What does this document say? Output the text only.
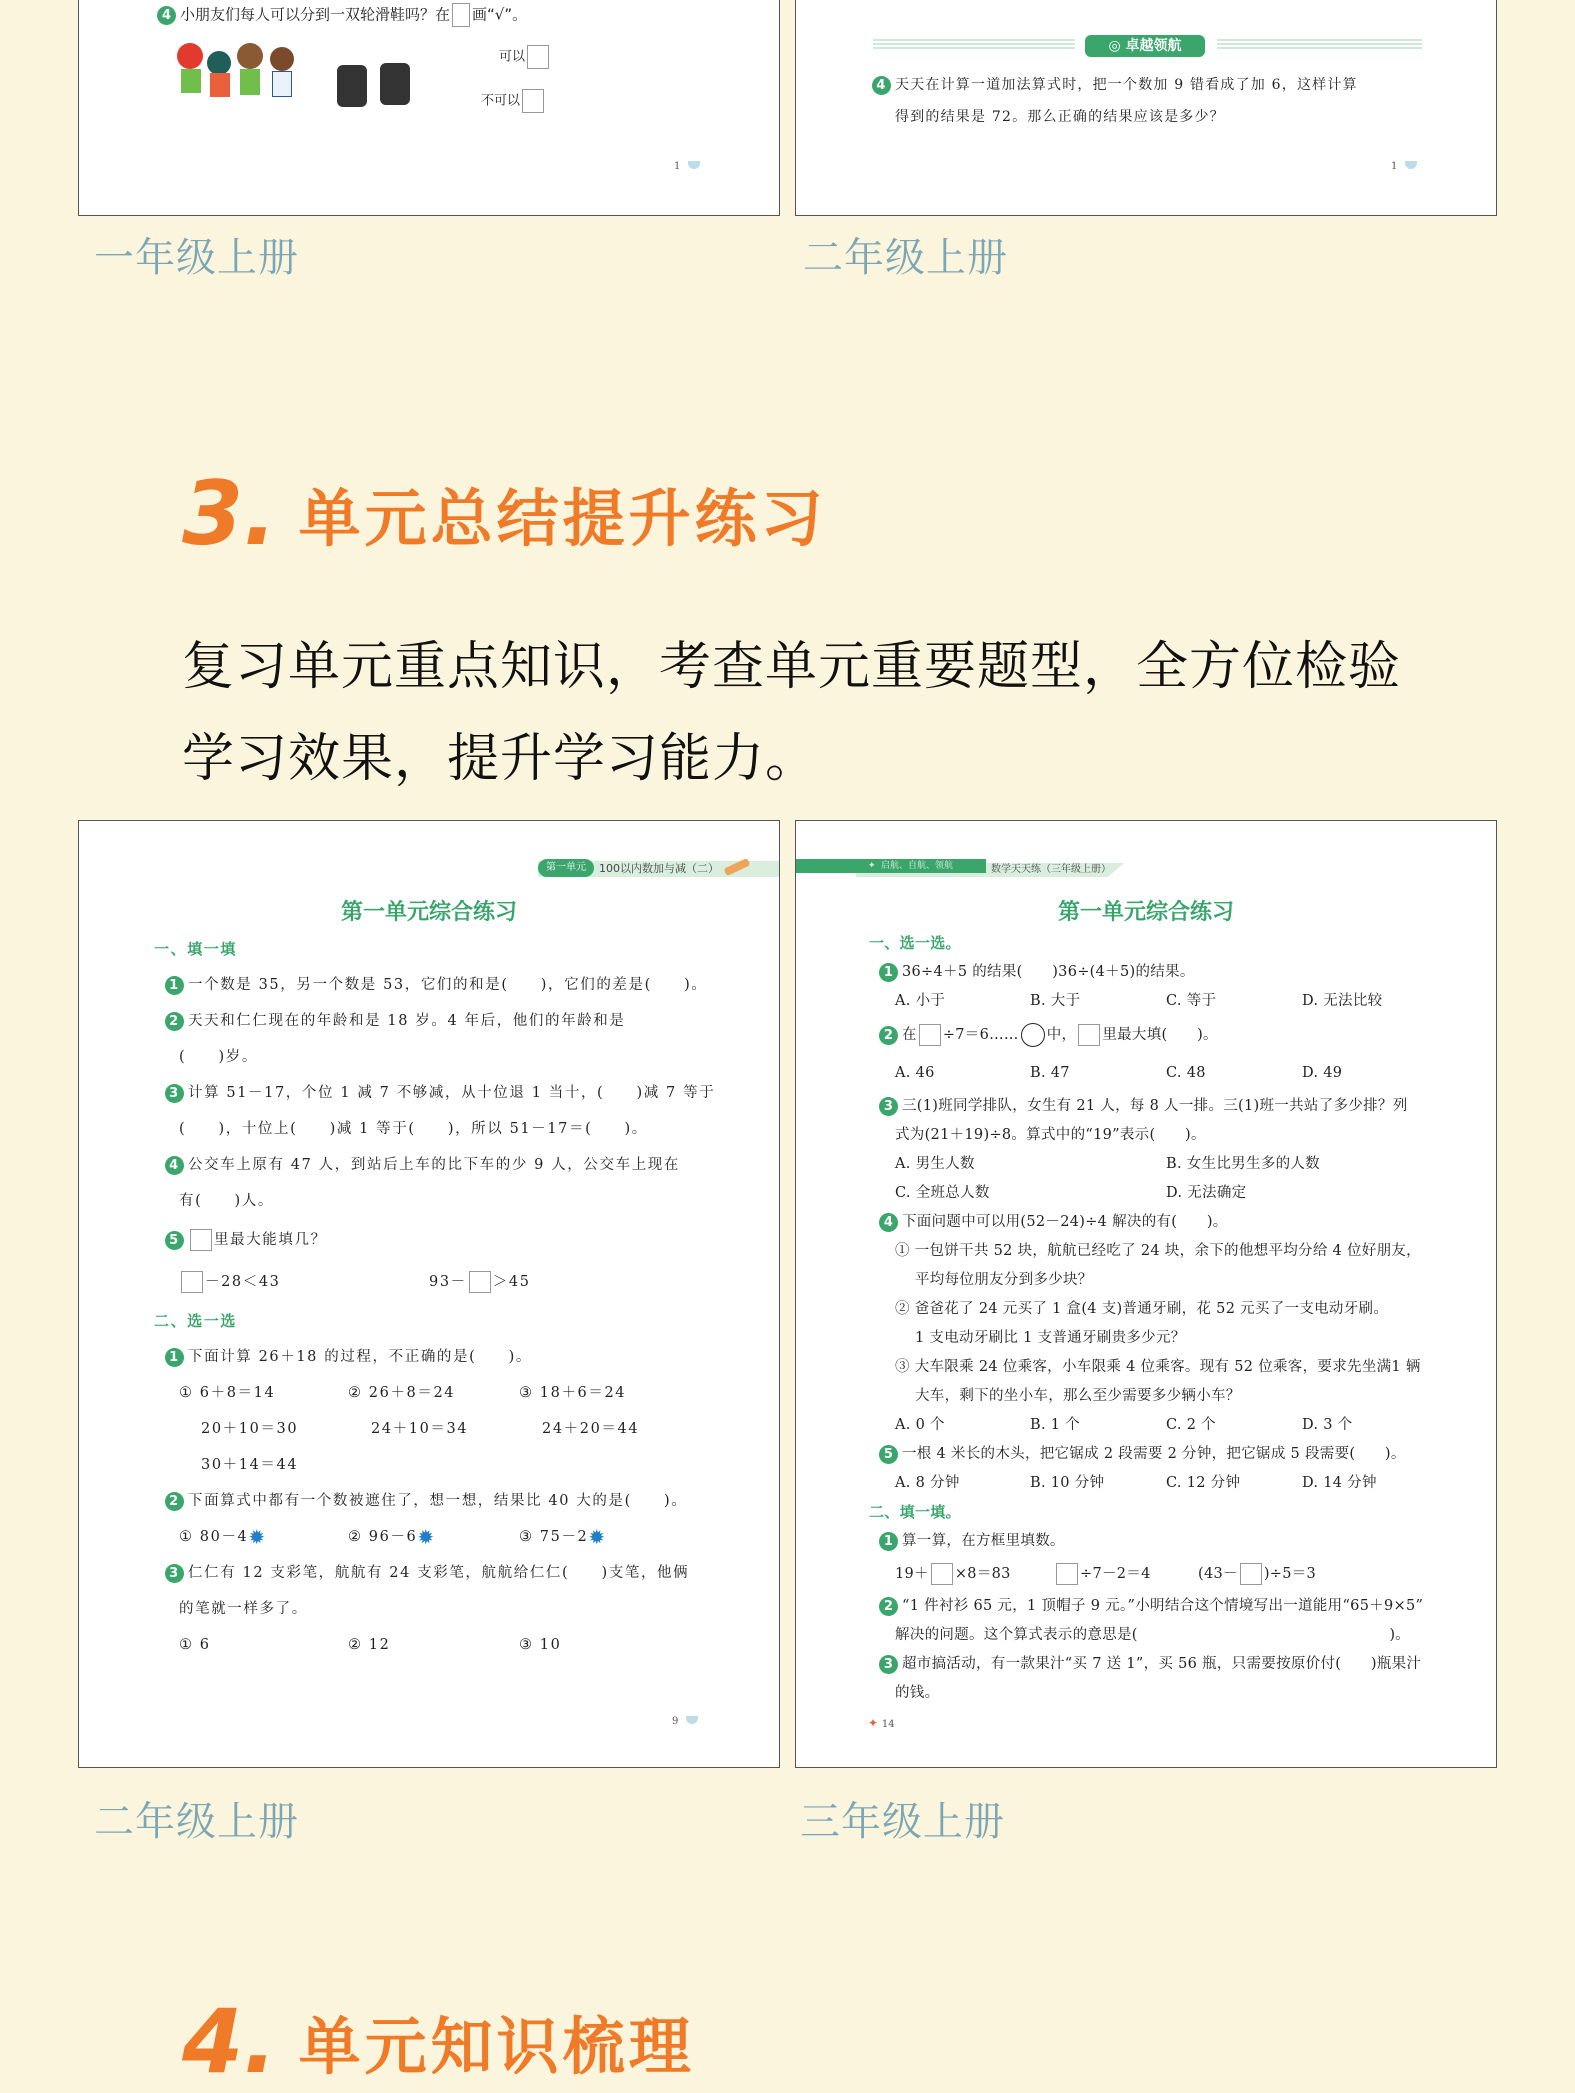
4 小朋友们每人可以分到一双轮滑鞋吗？在 画“√”。
可以
不可以
1
一年级上册
◎ 卓越领航
4 天天在计算一道加法算式时，把一个数加 9 错看成了加 6，这样计算
得到的结果是 72。那么正确的结果应该是多少？
1
二年级上册
3. 单元总结提升练习
复习单元重点知识，考查单元重要题型，全方位检验
学习效果，提升学习能力。
第一单元	100以内数加与减（二）
第一单元综合练习
一、填一填
1 一个数是 35，另一个数是 53，它们的和是(　　)，它们的差是(　　)。
2 天天和仁仁现在的年龄和是 18 岁。4 年后，他们的年龄和是
(　　)岁。
3 计算 51－17，个位 1 减 7 不够减，从十位退 1 当十，(　　)减 7 等于
(　　)，十位上(　　)减 1 等于(　　)，所以 51－17＝(　　)。
4 公交车上原有 47 人，到站后上车的比下车的少 9 人，公交车上现在
有(　　)人。
5 里最大能填几？
－28＜43	93－ ＞45
二、选一选
1 下面计算 26＋18 的过程，不正确的是(　　)。
① 6＋8＝14	② 26＋8＝24	③ 18＋6＝24
20＋10＝30	24＋10＝34	24＋20＝44
30＋14＝44
2 下面算式中都有一个数被遮住了，想一想，结果比 40 大的是(　　)。
① 80－4✹	② 96－6✹	③ 75－2✹
3 仁仁有 12 支彩笔，航航有 24 支彩笔，航航给仁仁(　　)支笔，他俩
的笔就一样多了。
① 6	② 12	③ 10
9
二年级上册
✦ 启航、自航、领航	数学天天练（三年级上册）
第一单元综合练习
一、选一选。
1 36÷4＋5 的结果(　　)36÷(4＋5)的结果。
A. 小于	B. 大于	C. 等于	D. 无法比较
2 在 ÷7＝6…… 中， 里最大填(　　)。
A. 46	B. 47	C. 48	D. 49
3 三(1)班同学排队，女生有 21 人，每 8 人一排。三(1)班一共站了多少排？列
式为(21＋19)÷8。算式中的“19”表示(　　)。
A. 男生人数	B. 女生比男生多的人数
C. 全班总人数	D. 无法确定
4 下面问题中可以用(52－24)÷4 解决的有(　　)。
① 一包饼干共 52 块，航航已经吃了 24 块，余下的他想平均分给 4 位好朋友，
平均每位朋友分到多少块？
② 爸爸花了 24 元买了 1 盒(4 支)普通牙刷，花 52 元买了一支电动牙刷。
1 支电动牙刷比 1 支普通牙刷贵多少元？
③ 大车限乘 24 位乘客，小车限乘 4 位乘客。现有 52 位乘客，要求先坐满1 辆
大车，剩下的坐小车，那么至少需要多少辆小车？
A. 0 个	B. 1 个	C. 2 个	D. 3 个
5 一根 4 米长的木头，把它锯成 2 段需要 2 分钟，把它锯成 5 段需要(　　)。
A. 8 分钟	B. 10 分钟	C. 12 分钟	D. 14 分钟
二、填一填。
1 算一算，在方框里填数。
19＋ ×8＝83	÷7－2＝4	(43－ )÷5＝3
2 “1 件衬衫 65 元，1 顶帽子 9 元。”小明结合这个情境写出一道能用“65＋9×5”
解决的问题。这个算式表示的意思是(　　　　　　　　　　　　　　　　　)。
3 超市搞活动，有一款果汁“买 7 送 1”，买 56 瓶，只需要按原价付(　　)瓶果汁
的钱。
✦ 14
三年级上册
4. 单元知识梳理
